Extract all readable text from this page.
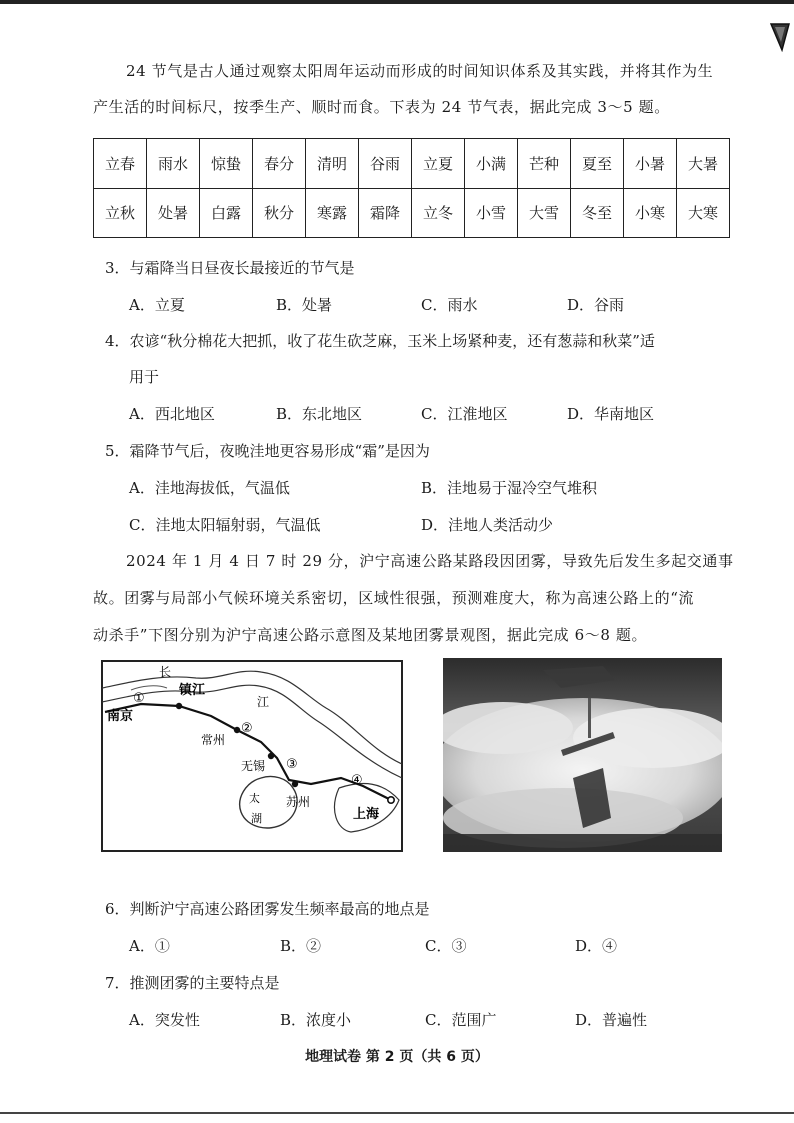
24 节气是古人通过观察太阳周年运动而形成的时间知识体系及其实践，并将其作为生
产生活的时间标尺，按季生产、顺时而食。下表为 24 节气表，据此完成 3～5 题。
立春	雨水	惊蛰	春分	清明	谷雨	立夏	小满	芒种	夏至	小暑	大暑
立秋	处暑	白露	秋分	寒露	霜降	立冬	小雪	大雪	冬至	小寒	大寒
3．与霜降当日昼夜长最接近的节气是
A．立夏	B．处暑	C．雨水	D．谷雨
4．农谚“秋分棉花大把抓，收了花生砍芝麻，玉米上场紧种麦，还有葱蒜和秋菜”适
用于
A．西北地区	B．东北地区	C．江淮地区	D．华南地区
5．霜降节气后，夜晚洼地更容易形成“霜”是因为
A．洼地海拔低，气温低	B．洼地易于湿冷空气堆积
C．洼地太阳辐射弱，气温低	D．洼地人类活动少
2024 年 1 月 4 日 7 时 29 分，沪宁高速公路某路段因团雾，导致先后发生多起交通事
故。团雾与局部小气候环境关系密切，区域性很强，预测难度大，称为高速公路上的“流
动杀手”下图分别为沪宁高速公路示意图及某地团雾景观图，据此完成 6～8 题。
南京
镇江
常州
无锡
苏州
上海
长
江
太
湖
①
②
③
④
6．判断沪宁高速公路团雾发生频率最高的地点是
A．①	B．②	C．③	D．④
7．推测团雾的主要特点是
A．突发性	B．浓度小	C．范围广	D．普遍性
地理试卷 第 2 页（共 6 页）
